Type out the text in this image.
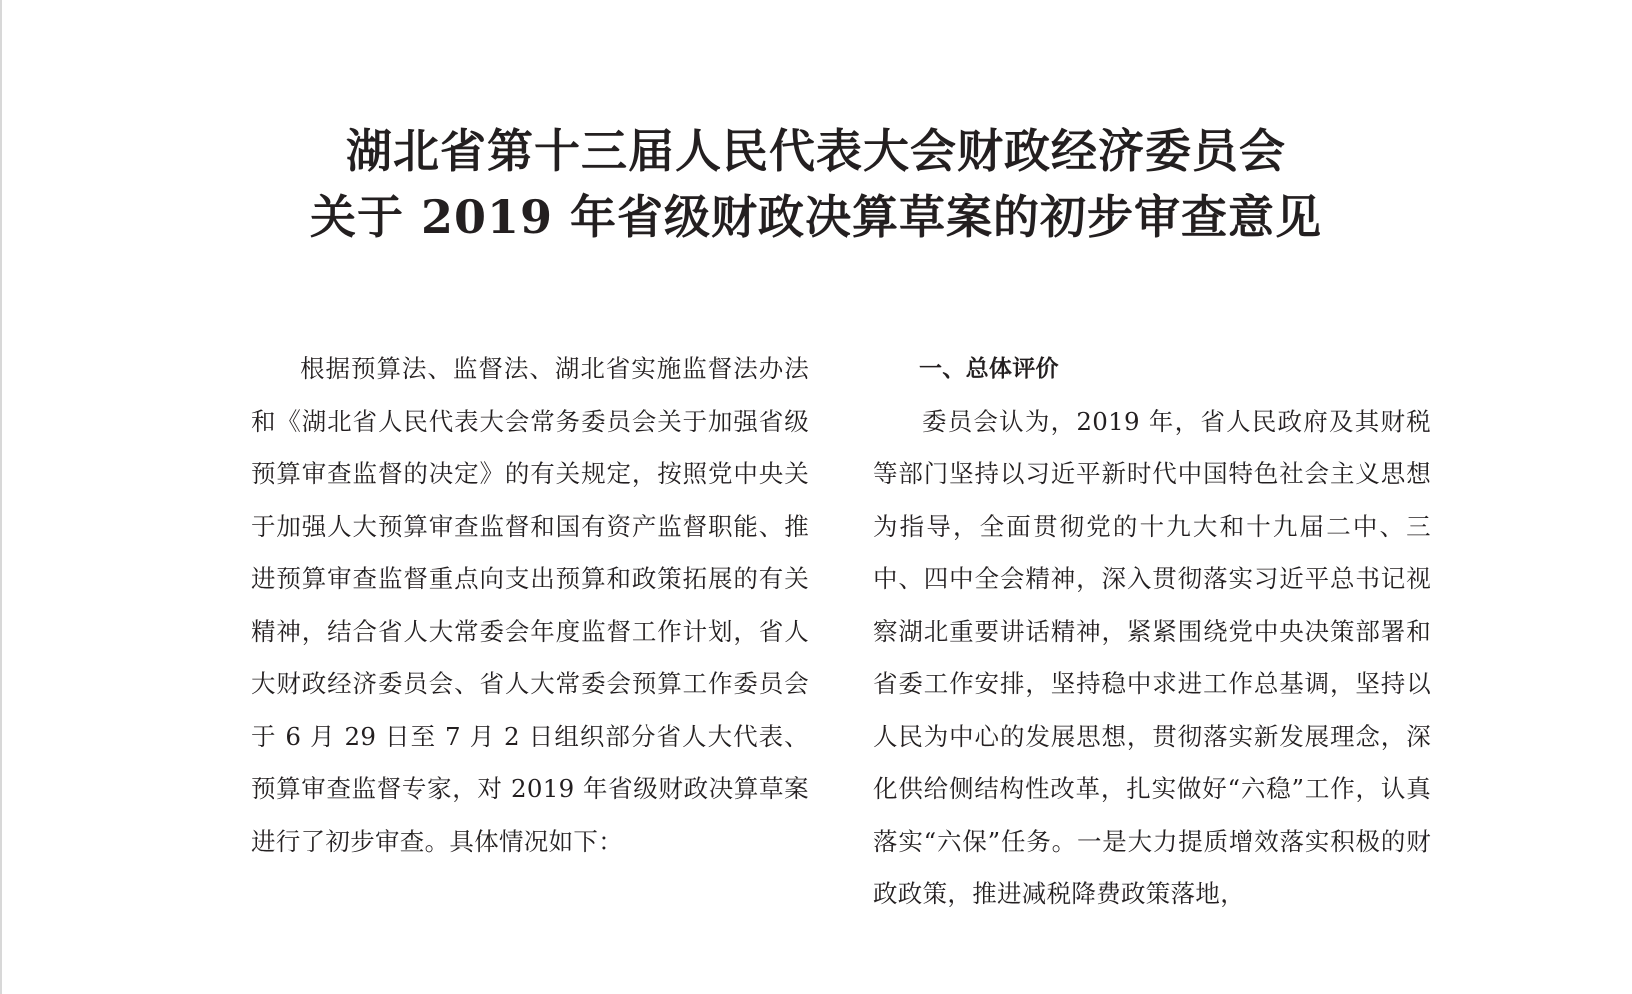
湖北省第十三届人民代表大会财政经济委员会
关于 2019 年省级财政决算草案的初步审查意见

根据预算法、监督法、湖北省实施监督法办法和《湖北省人民代表大会常务委员会关于加强省级预算审查监督的决定》的有关规定，按照党中央关于加强人大预算审查监督和国有资产监督职能、推进预算审查监督重点向支出预算和政策拓展的有关精神，结合省人大常委会年度监督工作计划，省人大财政经济委员会、省人大常委会预算工作委员会于 6 月 29 日至 7 月 2 日组织部分省人大代表、预算审查监督专家，对 2019 年省级财政决算草案进行了初步审查。具体情况如下：

一、总体评价

委员会认为，2019 年，省人民政府及其财税等部门坚持以习近平新时代中国特色社会主义思想为指导，全面贯彻党的十九大和十九届二中、三中、四中全会精神，深入贯彻落实习近平总书记视察湖北重要讲话精神，紧紧围绕党中央决策部署和省委工作安排，坚持稳中求进工作总基调，坚持以人民为中心的发展思想，贯彻落实新发展理念，深化供给侧结构性改革，扎实做好“六稳”工作，认真落实“六保”任务。一是大力提质增效落实积极的财政政策，推进减税降费政策落地，
